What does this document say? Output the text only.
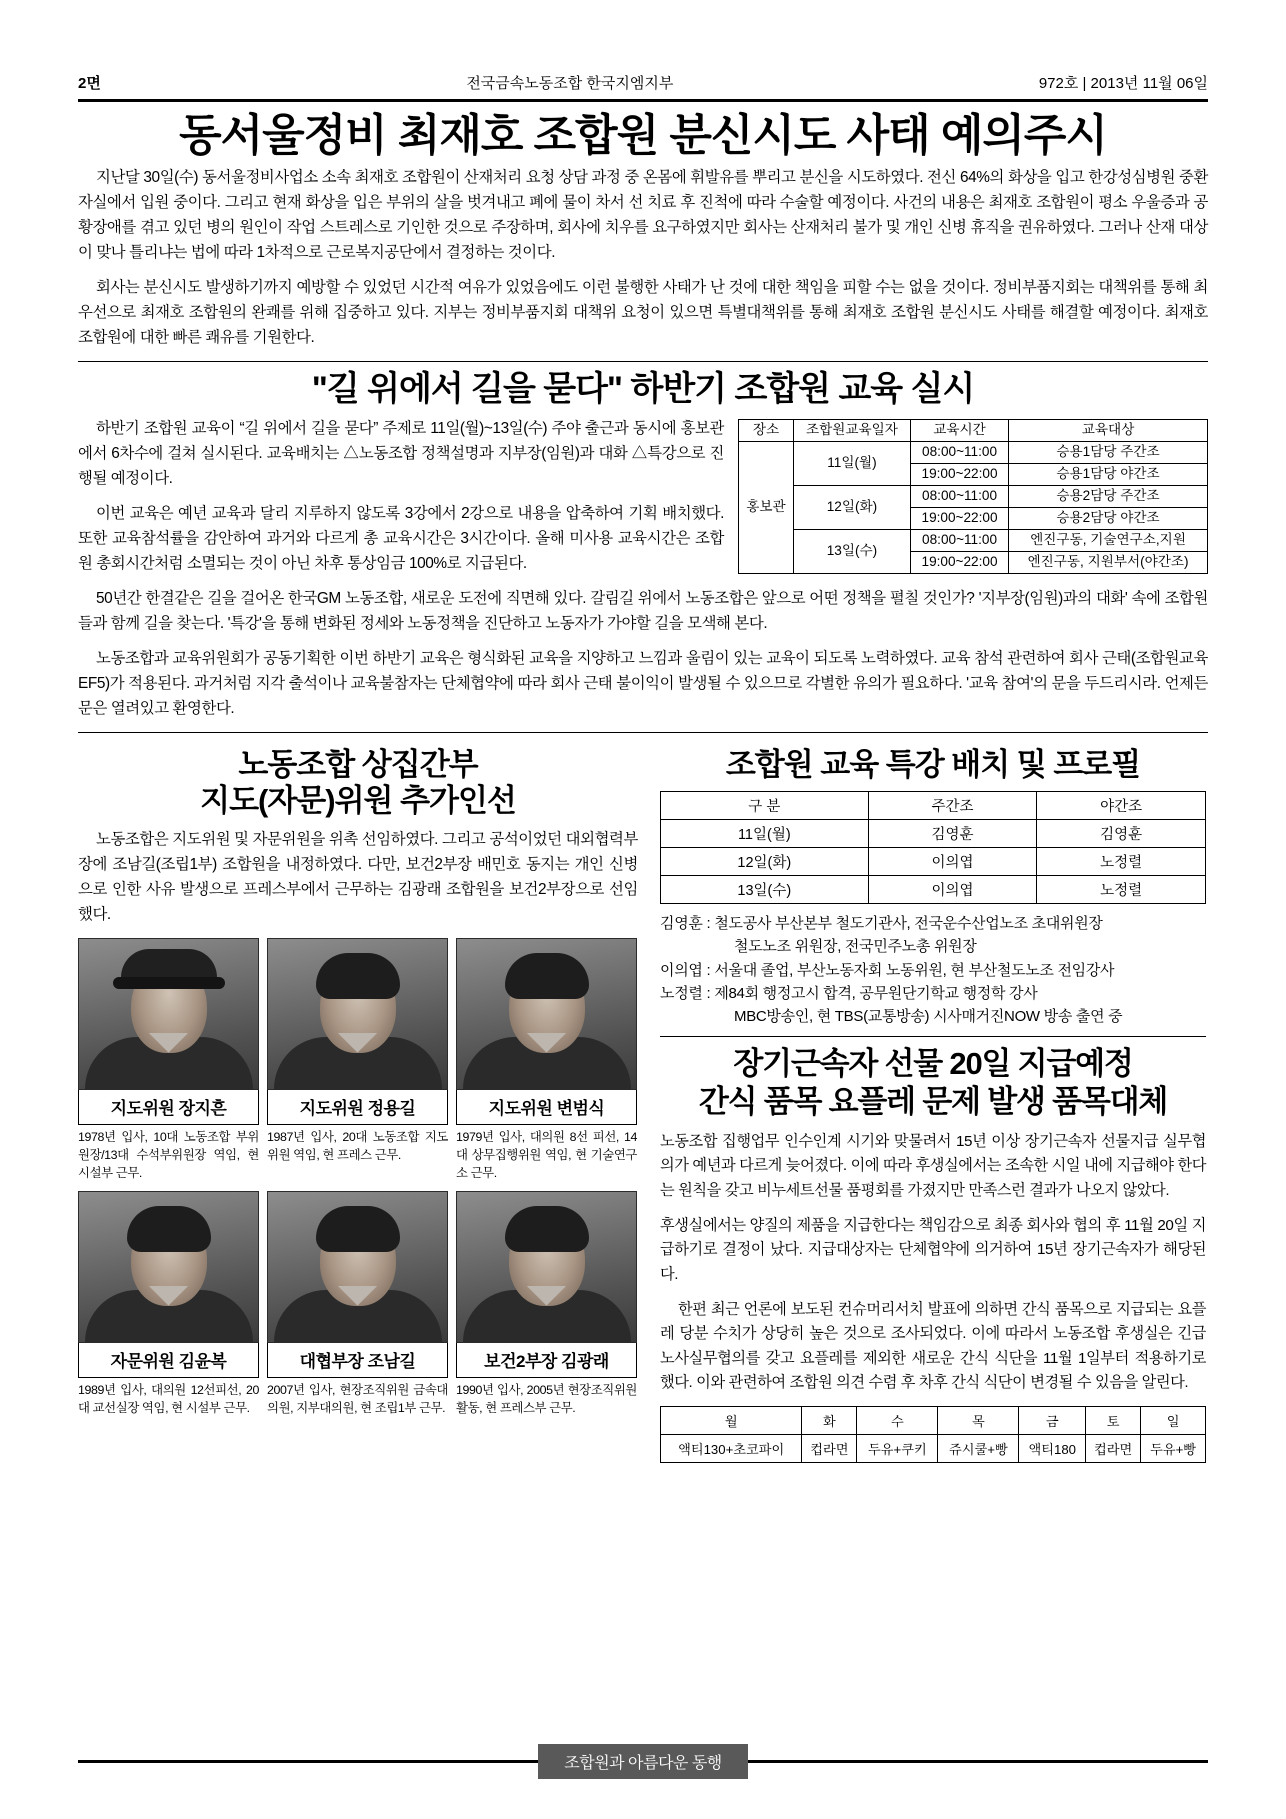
2면	전국금속노동조합 한국지엠지부	972호 | 2013년 11월 06일
동서울정비 최재호 조합원 분신시도 사태 예의주시

지난달 30일(수) 동서울정비사업소 소속 최재호 조합원이 산재처리 요청 상담 과정 중 온몸에 휘발유를 뿌리고 분신을 시도하였다. 전신 64%의 화상을 입고 한강성심병원 중환자실에서 입원 중이다. 그리고 현재 화상을 입은 부위의 살을 벗겨내고 폐에 물이 차서 선 치료 후 진척에 따라 수술할 예정이다. 사건의 내용은 최재호 조합원이 평소 우울증과 공황장애를 겪고 있던 병의 원인이 작업 스트레스로 기인한 것으로 주장하며, 회사에 치우를 요구하였지만 회사는 산재처리 불가 및 개인 신병 휴직을 권유하였다. 그러나 산재 대상이 맞나 틀리냐는 법에 따라 1차적으로 근로복지공단에서 결정하는 것이다.

회사는 분신시도 발생하기까지 예방할 수 있었던 시간적 여유가 있었음에도 이런 불행한 사태가 난 것에 대한 책임을 피할 수는 없을 것이다. 정비부품지회는 대책위를 통해 최우선으로 최재호 조합원의 완쾌를 위해 집중하고 있다. 지부는 정비부품지회 대책위 요청이 있으면 특별대책위를 통해 최재호 조합원 분신시도 사태를 해결할 예정이다. 최재호 조합원에 대한 빠른 쾌유를 기원한다.

"길 위에서 길을 묻다" 하반기 조합원 교육 실시
장소	조합원교육일자	교육시간	교육대상
홍보관	11일(월)	08:00~11:00	승용1담당 주간조
		19:00~22:00	승용1담당 야간조
	12일(화)	08:00~11:00	승용2담당 주간조
		19:00~22:00	승용2담당 야간조
	13일(수)	08:00~11:00	엔진구동, 기술연구소,지원
		19:00~22:00	엔진구동, 지원부서(야간조)

하반기 조합원 교육이 “길 위에서 길을 묻다” 주제로 11일(월)~13일(수) 주야 출근과 동시에 홍보관에서 6차수에 걸쳐 실시된다. 교육배치는 △노동조합 정책설명과 지부장(임원)과 대화 △특강으로 진행될 예정이다.

이번 교육은 예년 교육과 달리 지루하지 않도록 3강에서 2강으로 내용을 압축하여 기획 배치했다. 또한 교육참석률을 감안하여 과거와 다르게 총 교육시간은 3시간이다. 올해 미사용 교육시간은 조합원 총회시간처럼 소멸되는 것이 아닌 차후 통상임금 100%로 지급된다.

50년간 한결같은 길을 걸어온 한국GM 노동조합, 새로운 도전에 직면해 있다. 갈림길 위에서 노동조합은 앞으로 어떤 정책을 펼칠 것인가? '지부장(임원)과의 대화' 속에 조합원들과 함께 길을 찾는다. '특강'을 통해 변화된 정세와 노동정책을 진단하고 노동자가 가야할 길을 모색해 본다.

노동조합과 교육위원회가 공동기획한 이번 하반기 교육은 형식화된 교육을 지양하고 느낌과 울림이 있는 교육이 되도록 노력하였다. 교육 참석 관련하여 회사 근태(조합원교육 EF5)가 적용된다. 과거처럼 지각 출석이나 교육불참자는 단체협약에 따라 회사 근태 불이익이 발생될 수 있으므로 각별한 유의가 필요하다. '교육 참여'의 문을 두드리시라. 언제든 문은 열려있고 환영한다.

노동조합 상집간부
지도(자문)위원 추가인선

노동조합은 지도위원 및 자문위원을 위촉 선임하였다. 그리고 공석이었던 대외협력부장에 조남길(조립1부) 조합원을 내정하였다. 다만, 보건2부장 배민호 동지는 개인 신병으로 인한 사유 발생으로 프레스부에서 근무하는 김광래 조합원을 보건2부장으로 선임했다.

지도위원 장지흔
1978년 입사, 10대 노동조합 부위원장/13대 수석부위원장 역임, 현 시설부 근무.
지도위원 정용길
1987년 입사, 20대 노동조합 지도위원 역임, 현 프레스 근무.
지도위원 변범식
1979년 입사, 대의원 8선 피선, 14대 상무집행위원 역임, 현 기술연구소 근무.
자문위원 김윤복
1989년 입사, 대의원 12선피선, 20대 교선실장 역임, 현 시설부 근무.
대협부장 조남길
2007년 입사, 현장조직위원 금속대의원, 지부대의원, 현 조립1부 근무.
보건2부장 김광래
1990년 입사, 2005년 현장조직위원 활동, 현 프레스부 근무.
조합원 교육 특강 배치 및 프로필
구 분	주간조	야간조
11일(월)	김영훈	김영훈
12일(화)	이의엽	노정렬
13일(수)	이의엽	노정렬
김영훈 : 철도공사 부산본부 철도기관사, 전국운수산업노조 초대위원장
철도노조 위원장, 전국민주노총 위원장
이의엽 : 서울대 졸업, 부산노동자회 노동위원, 현 부산철도노조 전임강사
노정렬 : 제84회 행정고시 합격, 공무원단기학교 행정학 강사
MBC방송인, 현 TBS(교통방송) 시사매거진NOW 방송 출연 중
장기근속자 선물 20일 지급예정
간식 품목 요플레 문제 발생 품목대체

노동조합 집행업무 인수인계 시기와 맞물려서 15년 이상 장기근속자 선물지급 실무협의가 예년과 다르게 늦어졌다. 이에 따라 후생실에서는 조속한 시일 내에 지급해야 한다는 원칙을 갖고 비누세트선물 품평회를 가졌지만 만족스런 결과가 나오지 않았다.

후생실에서는 양질의 제품을 지급한다는 책임감으로 최종 회사와 협의 후 11월 20일 지급하기로 결정이 났다. 지급대상자는 단체협약에 의거하여 15년 장기근속자가 해당된다.

한편 최근 언론에 보도된 컨슈머리서치 발표에 의하면 간식 품목으로 지급되는 요플레 당분 수치가 상당히 높은 것으로 조사되었다. 이에 따라서 노동조합 후생실은 긴급 노사실무협의를 갖고 요플레를 제외한 새로운 간식 식단을 11월 1일부터 적용하기로 했다. 이와 관련하여 조합원 의견 수렴 후 차후 간식 식단이 변경될 수 있음을 알린다.

월	화	수	목	금	토	일
액티130+초코파이	컵라면	두유+쿠키	쥬시쿨+빵	액티180	컵라면	두유+빵
조합원과 아름다운 동행
